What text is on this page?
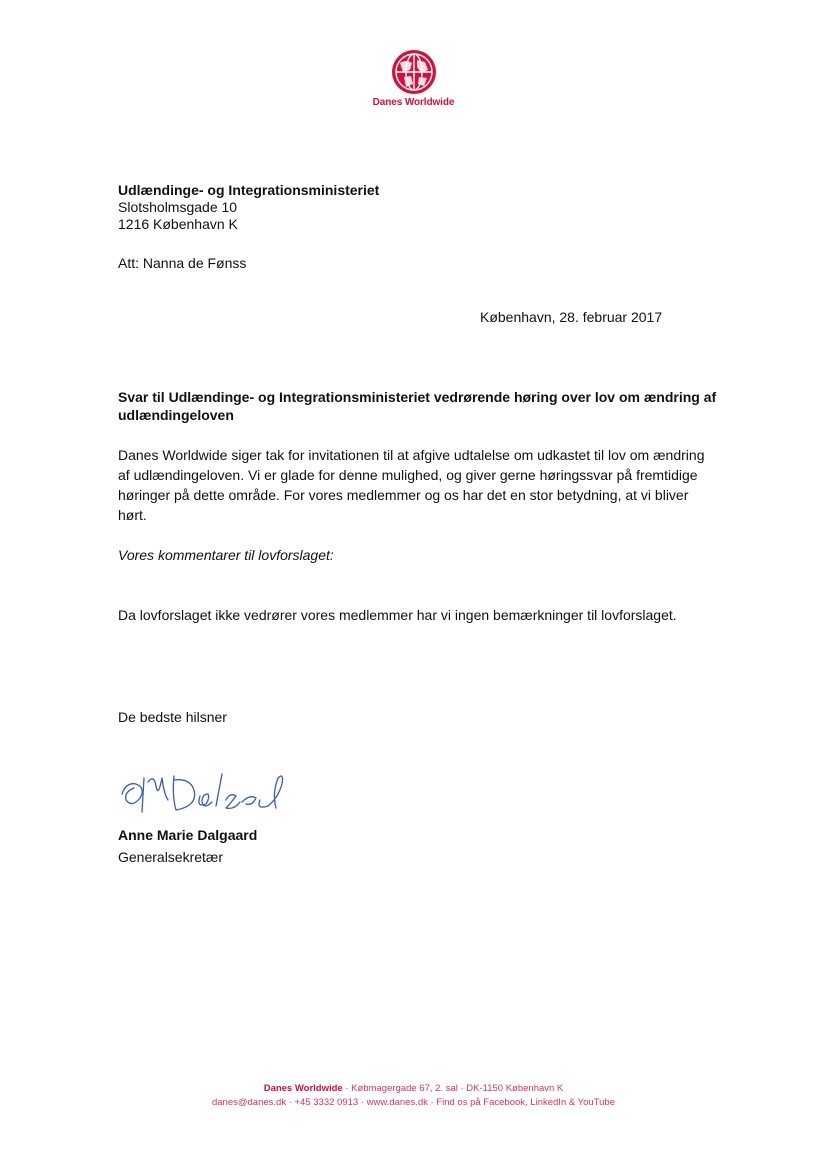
Danes Worldwide
Udlændinge- og Integrationsministeriet
Slotsholmsgade 10
1216 København K
Att: Nanna de Fønss
København, 28. februar 2017
Svar til Udlændinge- og Integrationsministeriet vedrørende høring over lov om ændring af udlændingeloven
Danes Worldwide siger tak for invitationen til at afgive udtalelse om udkastet til lov om ændring af udlændingeloven. Vi er glade for denne mulighed, og giver gerne høringssvar på fremtidige høringer på dette område. For vores medlemmer og os har det en stor betydning, at vi bliver hørt.
Vores kommentarer til lovforslaget:
Da lovforslaget ikke vedrører vores medlemmer har vi ingen bemærkninger til lovforslaget.
De bedste hilsner
Anne Marie Dalgaard
Generalsekretær
Danes Worldwide · Købmagergade 67, 2. sal · DK-1150 København K
danes@danes.dk · +45 3332 0913 · www.danes.dk · Find os på Facebook, LinkedIn & YouTube
